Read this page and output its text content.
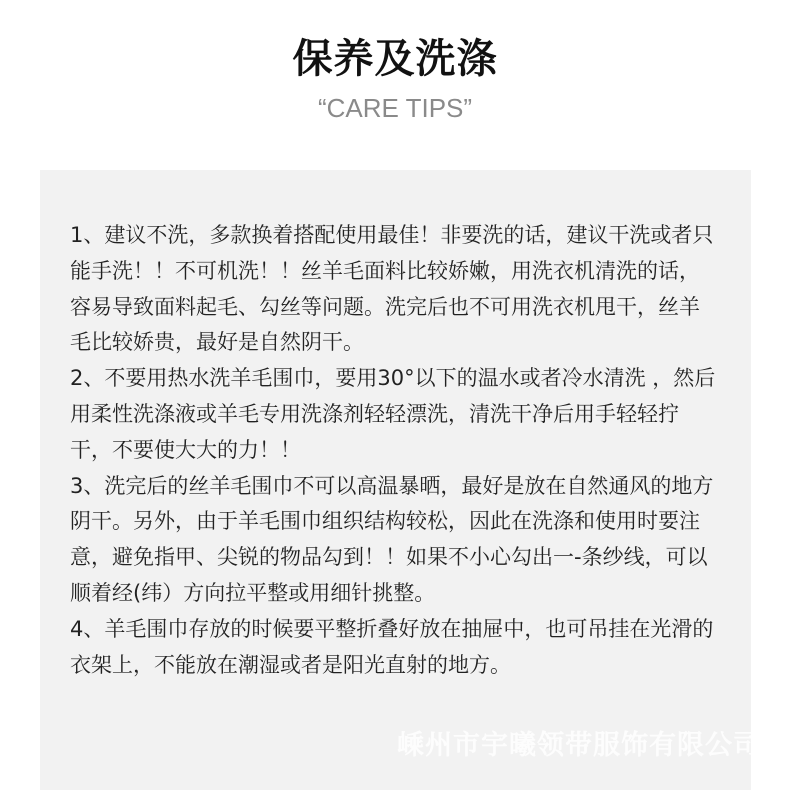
保养及洗涤
“CARE TIPS”

1、建议不洗，多款换着搭配使用最佳！非要洗的话，建议干洗或者只能手洗！！不可机洗！！丝羊毛面料比较娇嫩，用洗衣机清洗的话，容易导致面料起毛、勾丝等问题。洗完后也不可用洗衣机甩干，丝羊毛比较娇贵，最好是自然阴干。

2、不要用热水洗羊毛围巾，要用30°以下的温水或者冷水清洗 ，然后用柔性洗涤液或羊毛专用洗涤剂轻轻漂洗，清洗干净后用手轻轻拧干，不要使大大的力！！

3、洗完后的丝羊毛围巾不可以高温暴晒，最好是放在自然通风的地方阴干。另外，由于羊毛围巾组织结构较松，因此在洗涤和使用时要注意，避免指甲、尖锐的物品勾到！！如果不小心勾出一-条纱线，可以顺着经(纬）方向拉平整或用细针挑整。

4、羊毛围巾存放的时候要平整折叠好放在抽屉中，也可吊挂在光滑的衣架上，不能放在潮湿或者是阳光直射的地方。

嵊州市宇曦领带服饰有限公司
